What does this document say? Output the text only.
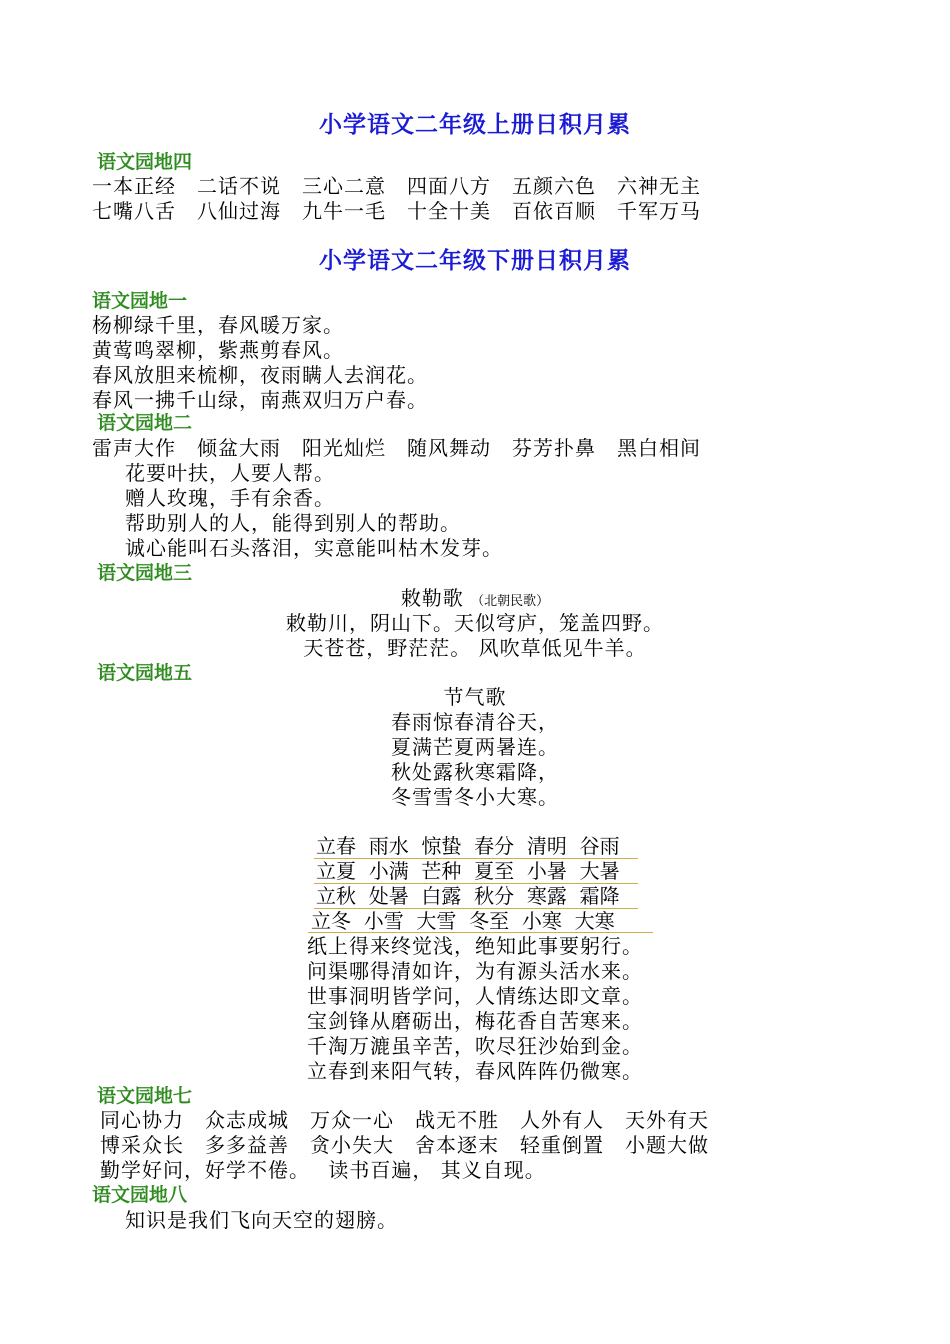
小学语文二年级上册日积月累
语文园地四
一本正经　二话不说　三心二意　四面八方　五颜六色　六神无主
七嘴八舌　八仙过海　九牛一毛　十全十美　百依百顺　千军万马
小学语文二年级下册日积月累
语文园地一
杨柳绿千里，春风暖万家。
黄莺鸣翠柳，紫燕剪春风。
春风放胆来梳柳，夜雨瞒人去润花。
春风一拂千山绿，南燕双归万户春。
语文园地二
雷声大作　倾盆大雨　阳光灿烂　随风舞动　芬芳扑鼻　黑白相间
花要叶扶，人要人帮。
赠人玫瑰，手有余香。
帮助别人的人，能得到别人的帮助。
诚心能叫石头落泪，实意能叫枯木发芽。
语文园地三
敕勒歌 （北朝民歌）
敕勒川，阴山下。天似穹庐，笼盖四野。
天苍苍，野茫茫。 风吹草低见牛羊。
语文园地五
节气歌
春雨惊春清谷天，
夏满芒夏两暑连。
秋处露秋寒霜降，
冬雪雪冬小大寒。
立春  雨水  惊蛰  春分  清明  谷雨
立夏  小满  芒种  夏至  小暑  大暑
立秋  处暑  白露  秋分  寒露  霜降
立冬  小雪  大雪  冬至  小寒  大寒
纸上得来终觉浅，绝知此事要躬行。
问渠哪得清如许，为有源头活水来。
世事洞明皆学问，人情练达即文章。
宝剑锋从磨砺出，梅花香自苦寒来。
千淘万漉虽辛苦，吹尽狂沙始到金。
立春到来阳气转，春风阵阵仍微寒。
语文园地七
同心协力　众志成城　万众一心　战无不胜　人外有人　天外有天
博采众长　多多益善　贪小失大　舍本逐末　轻重倒置　小题大做
勤学好问，好学不倦。　 读书百遍， 其义自现。
语文园地八
知识是我们飞向天空的翅膀。
